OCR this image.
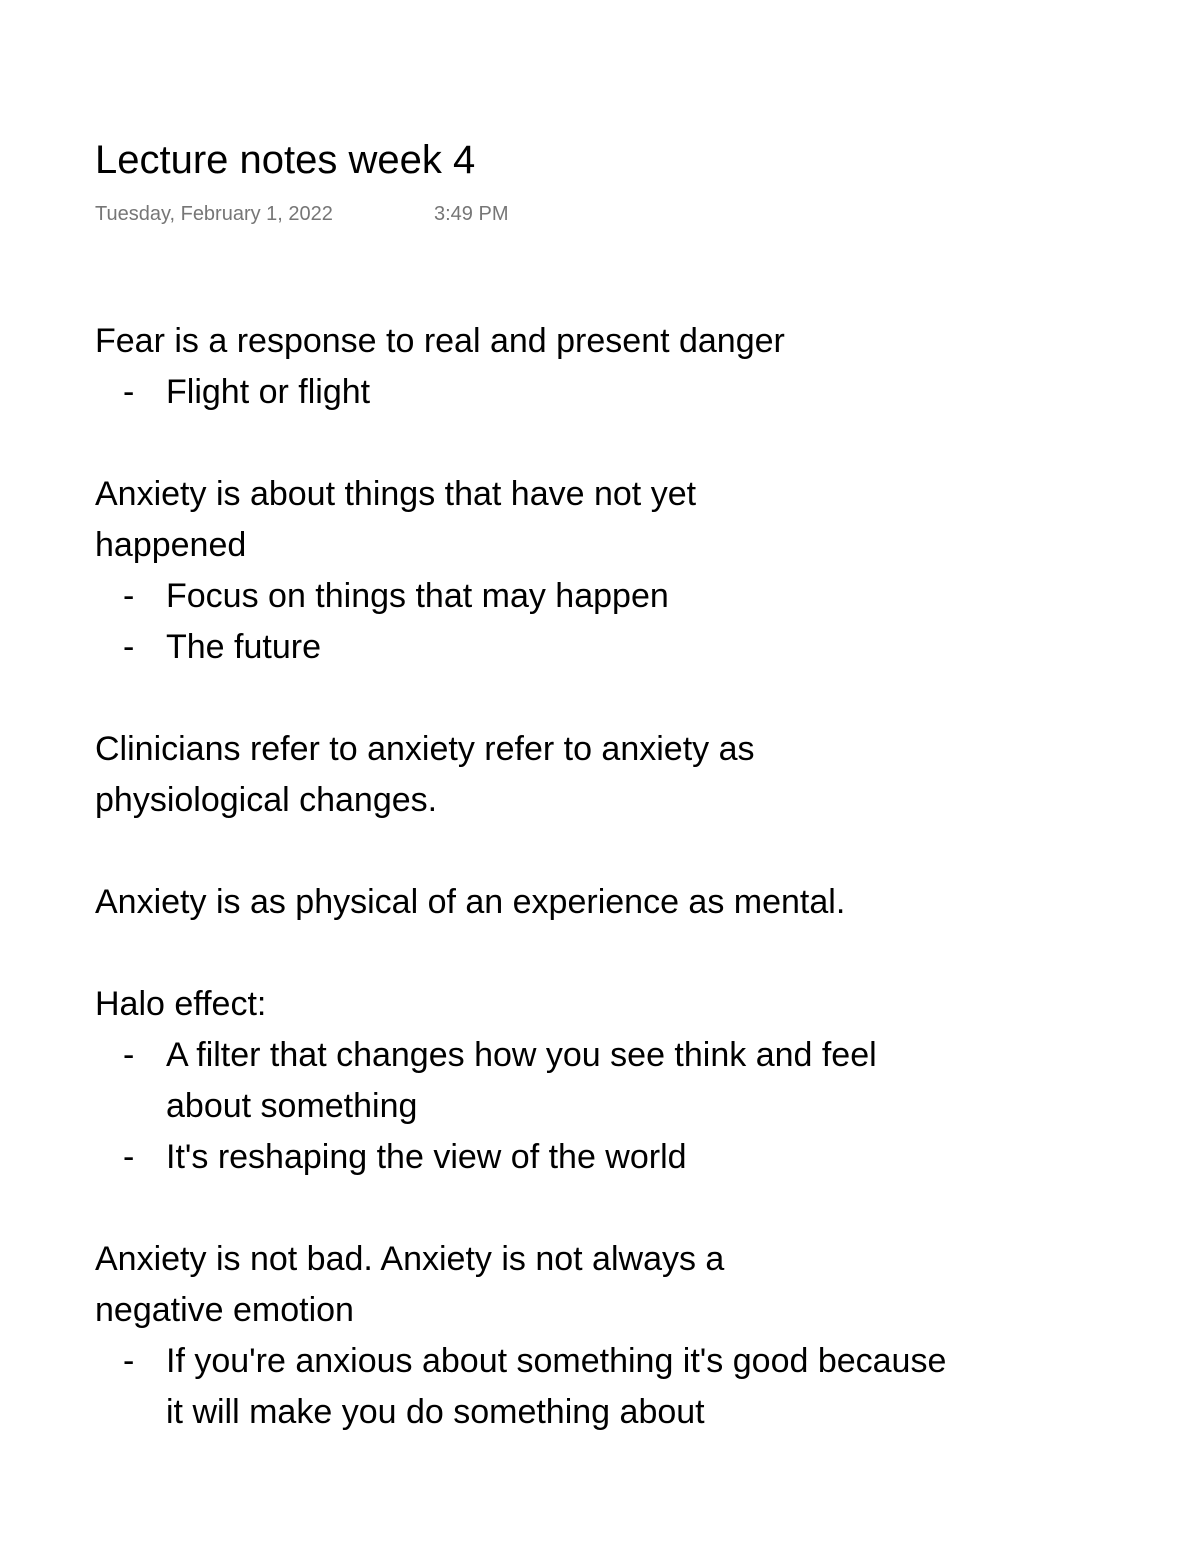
Lecture notes week 4
Tuesday, February 1, 2022	3:49 PM

Fear is a response to real and present danger

- Flight or flight

Anxiety is about things that have not yet happened

- Focus on things that may happen
- The future

Clinicians refer to anxiety refer to anxiety as physiological changes.

Anxiety is as physical of an experience as mental.

Halo effect:

- A filter that changes how you see think and feel about something
- It's reshaping the view of the world

Anxiety is not bad. Anxiety is not always a negative emotion

- If you're anxious about something it's good because it will make you do something about
